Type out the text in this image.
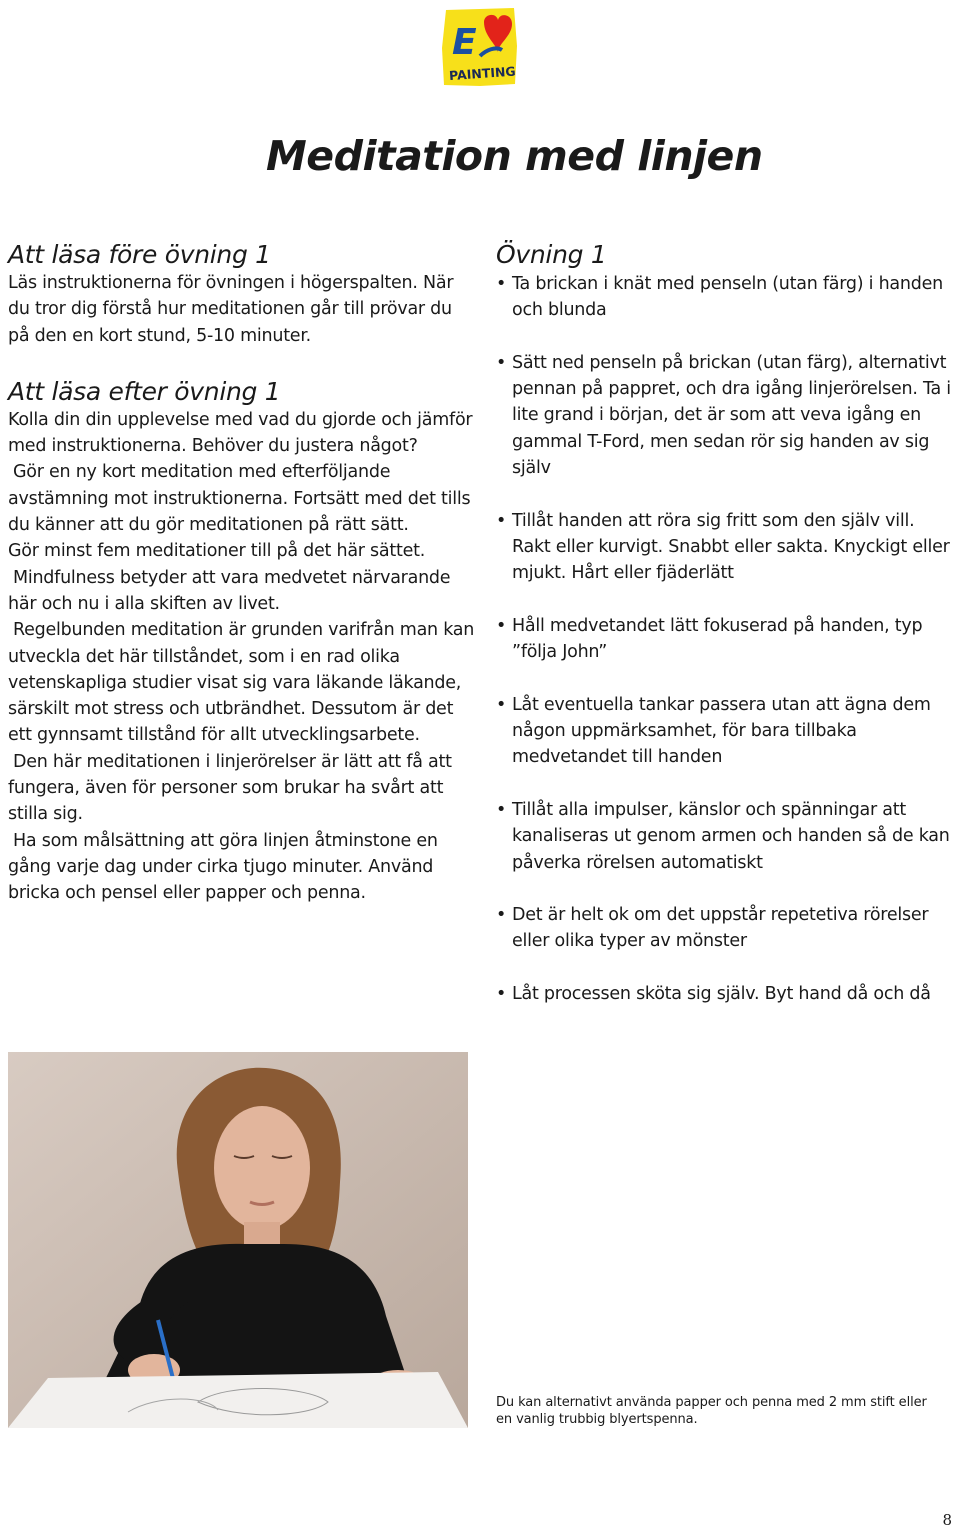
E
PAINTING
Meditation med linjen
Att läsa före övning 1

Läs instruktionerna för övningen i högerspalten. När du tror dig förstå hur meditationen går till prövar du på den en kort stund, 5-10 minuter.

Att läsa efter övning 1

Kolla din din upplevelse med vad du gjorde och jämför med instruktionerna. Behöver du justera något?

Gör en ny kort meditation med efterföljande avstämning mot instruktionerna. Fortsätt med det tills du känner att du gör meditationen på rätt sätt.

Gör minst fem meditationer till på det här sättet.

Mindfulness betyder att vara medvetet närvarande här och nu i alla skiften av livet.

Regelbunden meditation är grunden varifrån man kan utveckla det här tillståndet, som i en rad olika vetenskapliga studier visat sig vara läkande läkande, särskilt mot stress och utbrändhet. Dessutom är det ett gynnsamt tillstånd för allt utvecklingsarbete.

Den här meditationen i linjerörelser är lätt att få att fungera, även för personer som brukar ha svårt att stilla sig.

Ha som målsättning att göra linjen åtminstone en gång varje dag under cirka tjugo minuter. Använd bricka och pensel eller papper och penna.

Övning 1
• Ta brickan i knät med penseln (utan färg) i handen och blunda
• Sätt ned penseln på brickan (utan färg), alternativt pennan på pappret, och dra igång linjerörelsen. Ta i lite grand i början, det är som att veva igång en gammal T-Ford, men sedan rör sig handen av sig själv
• Tillåt handen att röra sig fritt som den själv vill. Rakt eller kurvigt. Snabbt eller sakta. Knyckigt eller mjukt. Hårt eller fjäderlätt
• Håll medvetandet lätt fokuserad på handen, typ ”följa John”
• Låt eventuella tankar passera utan att ägna dem någon uppmärksamhet, för bara tillbaka medvetandet till handen
• Tillåt alla impulser, känslor och spänningar att kanaliseras ut genom armen och handen så de kan påverka rörelsen automatiskt
• Det är helt ok om det uppstår repetetiva rörelser eller olika typer av mönster
• Låt processen sköta sig själv. Byt hand då och då

Du kan alternativt använda papper och penna med 2 mm stift eller en vanlig trubbig blyertspenna.

8
